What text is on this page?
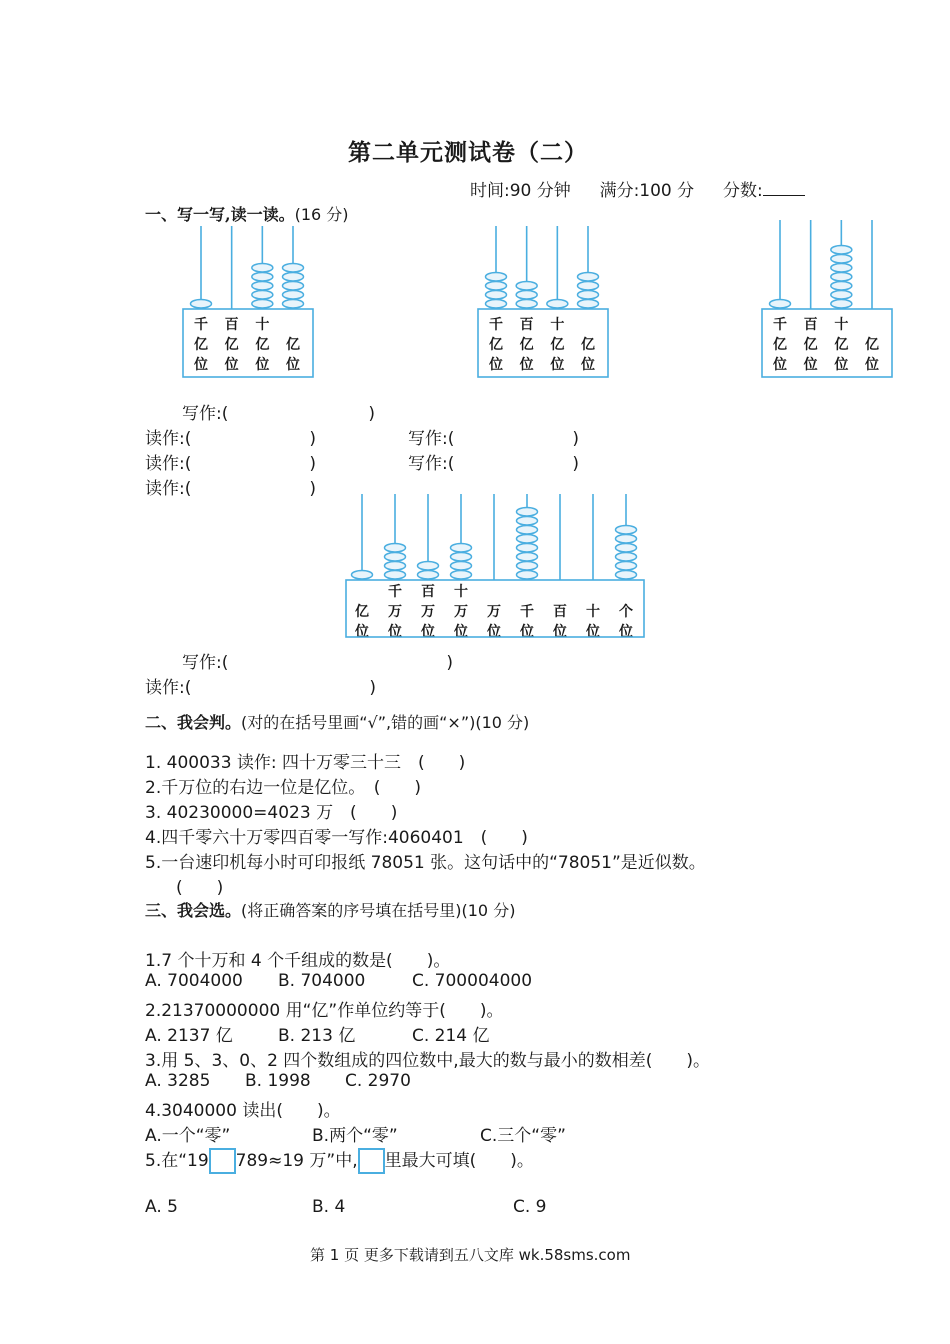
第二单元测试卷（二）
时间:90 分钟 满分:100 分 分数:
一、写一写,读一读。(16 分)
千
亿
位
百
亿
位
十
亿
位
亿
位
千
亿
位
百
亿
位
十
亿
位
亿
位
千
亿
位
百
亿
位
十
亿
位
亿
位
写作:(	)
读作:(	)	写作:(	)
读作:(	)	写作:(	)
读作:(	)
亿
位
千
万
位
百
万
位
十
万
位
万
位
千
位
百
位
十
位
个
位
写作:(	)
读作:(	)
二、我会判。(对的在括号里画“√”,错的画“×”)(10 分)
1. 400033 读作: 四十万零三十三　(　　)
2.千万位的右边一位是亿位。　(　　)
3. 40230000=4023 万　(　　)
4.四千零六十万零四百零一写作:4060401　(　　)
5.一台速印机每小时可印报纸 78051 张。这句话中的“78051”是近似数。
(　　)
三、我会选。(将正确答案的序号填在括号里)(10 分)
1.7 个十万和 4 个千组成的数是(　　)。
A. 7004000 B. 704000	C. 700004000
2.21370000000 用“亿”作单位约等于(　　)。
A. 2137 亿	B. 213 亿	C. 214 亿
3.用 5、3、0、2 四个数组成的四位数中,最大的数与最小的数相差(　　)。
A. 3285 B. 1998 C. 2970
4.3040000 读出(　　)。
A.一个“零”	B.两个“零”	C.三个“零”
5.在“19 789≈19 万”中, 里最大可填(　　)。
A. 5	B. 4	C. 9
第 1 页 更多下载请到五八文库 wk.58sms.com
